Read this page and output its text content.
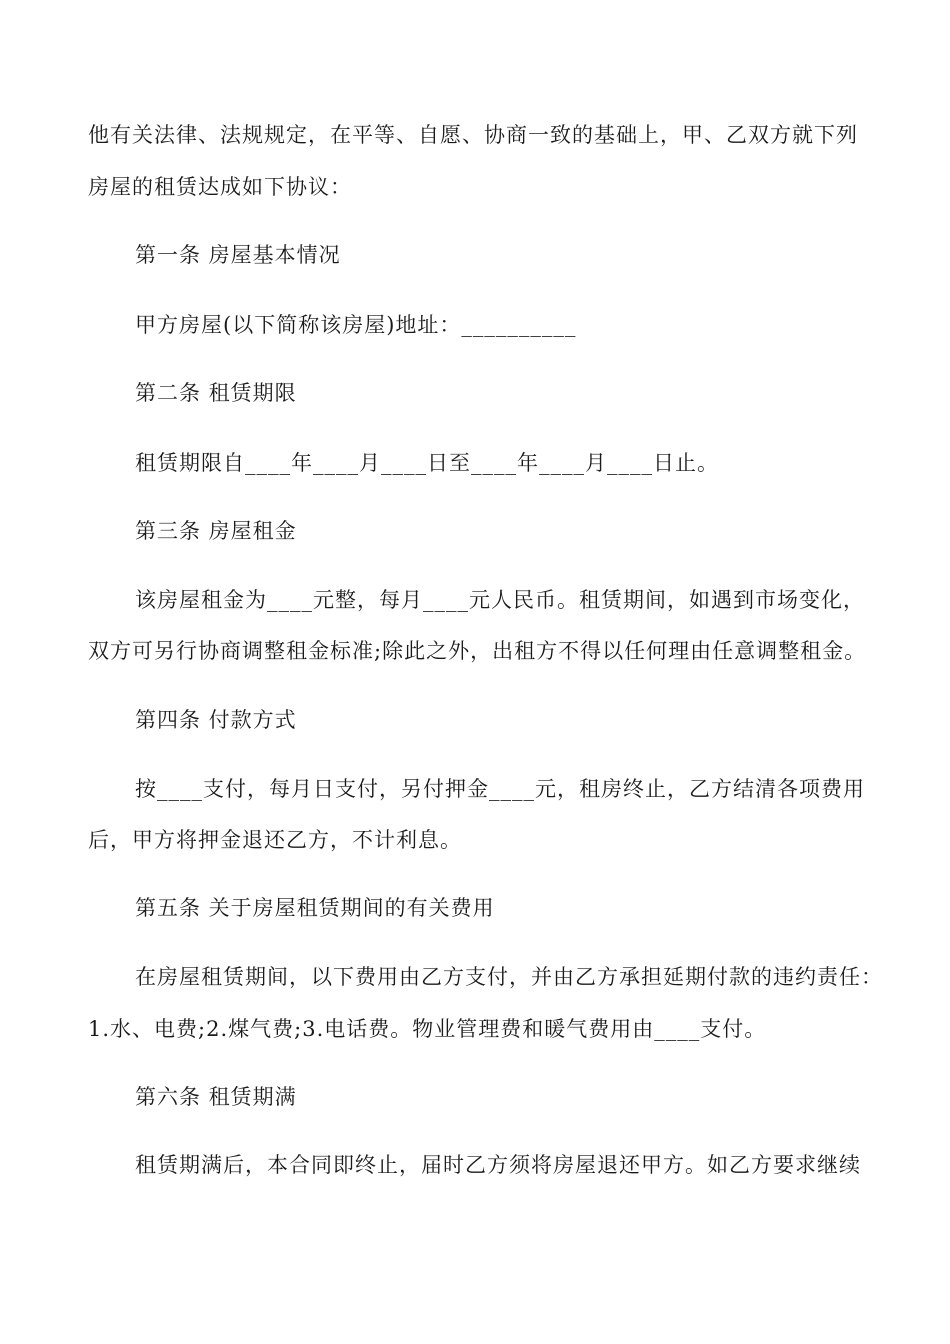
他有关法律、法规规定，在平等、自愿、协商一致的基础上，甲、乙双方就下列
房屋的租赁达成如下协议：
第一条 房屋基本情况
甲方房屋(以下简称该房屋)地址：__________
第二条 租赁期限
租赁期限自____年____月____日至____年____月____日止。
第三条 房屋租金
该房屋租金为____元整，每月____元人民币。租赁期间，如遇到市场变化，
双方可另行协商调整租金标准;除此之外，出租方不得以任何理由任意调整租金。
第四条 付款方式
按____支付，每月日支付，另付押金____元，租房终止，乙方结清各项费用
后，甲方将押金退还乙方，不计利息。
第五条 关于房屋租赁期间的有关费用
在房屋租赁期间，以下费用由乙方支付，并由乙方承担延期付款的违约责任：
1.水、电费;2.煤气费;3.电话费。物业管理费和暖气费用由____支付。
第六条 租赁期满
租赁期满后，本合同即终止，届时乙方须将房屋退还甲方。如乙方要求继续
